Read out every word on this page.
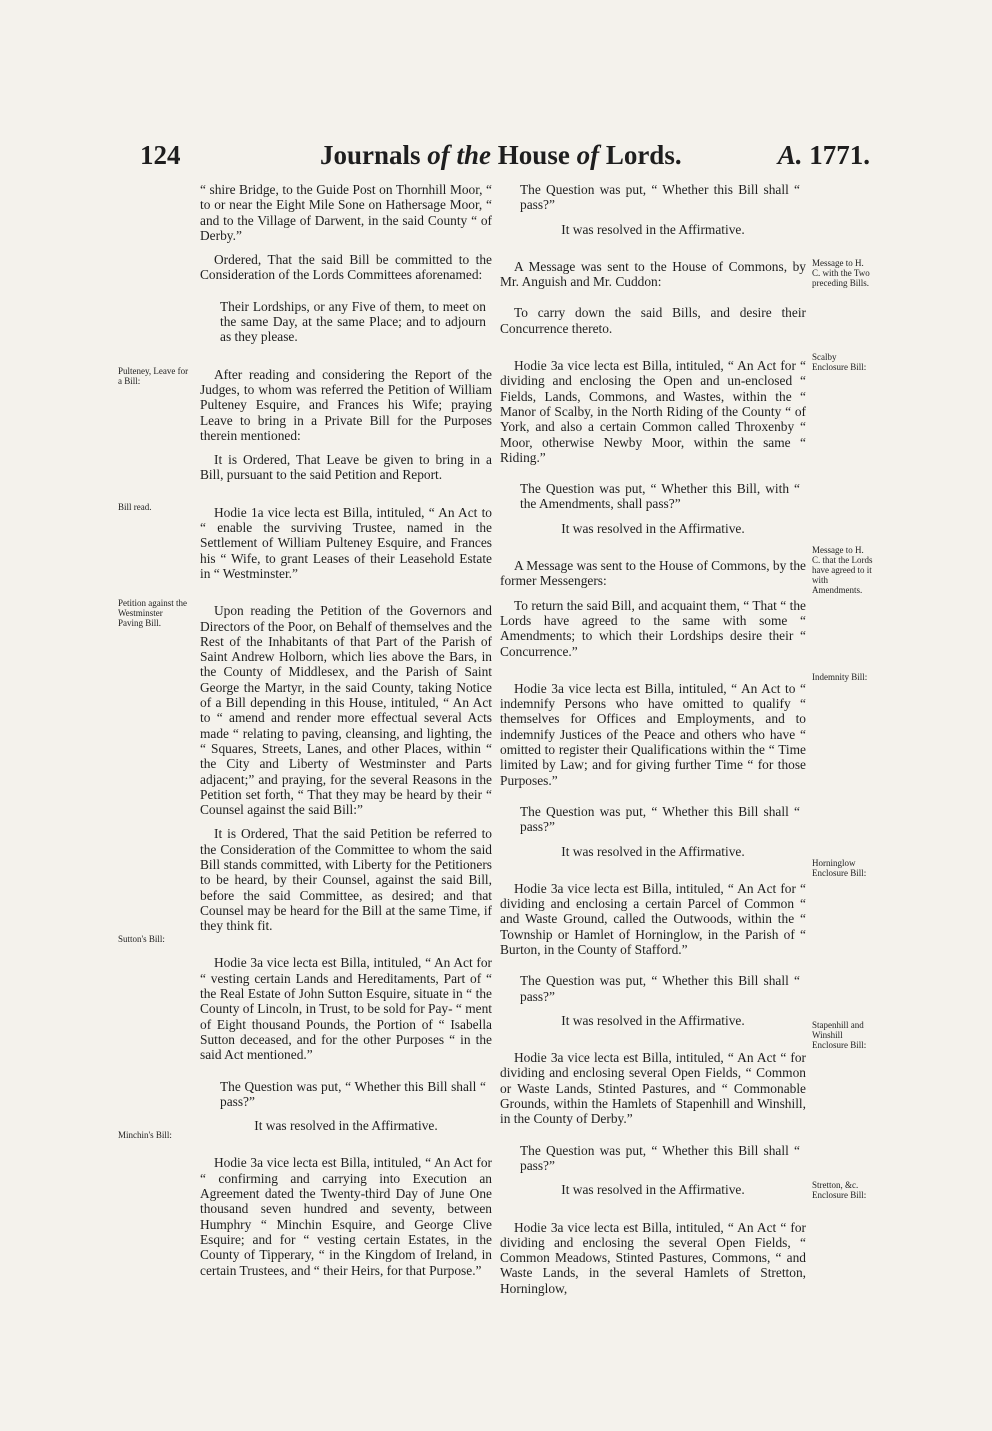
124	Journals of the House of Lords.	A. 1771.
Pulteney, Leave for a Bill:
Bill read.
Petition against the Westminster Paving Bill.
Sutton's Bill:
Minchin's Bill:
Message to H. C. with the Two preceding Bills.
Scalby Enclosure Bill:
Message to H. C. that the Lords have agreed to it with Amendments.
Indemnity Bill:
Horninglow Enclosure Bill:
Stapenhill and Winshill Enclosure Bill:
Stretton, &c. Enclosure Bill:

“ shire Bridge, to the Guide Post on Thornhill Moor, “ to or near the Eight Mile Sone on Hathersage Moor, “ and to the Village of Darwent, in the said County “ of Derby.”

Ordered, That the said Bill be committed to the Consideration of the Lords Committees aforenamed:

Their Lordships, or any Five of them, to meet on the same Day, at the same Place; and to adjourn as they please.

After reading and considering the Report of the Judges, to whom was referred the Petition of William Pulteney Esquire, and Frances his Wife; praying Leave to bring in a Private Bill for the Purposes therein mentioned:

It is Ordered, That Leave be given to bring in a Bill, pursuant to the said Petition and Report.

Hodie 1a vice lecta est Billa, intituled, “ An Act to “ enable the surviving Trustee, named in the Settlement of William Pulteney Esquire, and Frances his “ Wife, to grant Leases of their Leasehold Estate in “ Westminster.”

Upon reading the Petition of the Governors and Directors of the Poor, on Behalf of themselves and the Rest of the Inhabitants of that Part of the Parish of Saint Andrew Holborn, which lies above the Bars, in the County of Middlesex, and the Parish of Saint George the Martyr, in the said County, taking Notice of a Bill depending in this House, intituled, “ An Act to “ amend and render more effectual several Acts made “ relating to paving, cleansing, and lighting, the “ Squares, Streets, Lanes, and other Places, within “ the City and Liberty of Westminster and Parts adjacent;” and praying, for the several Reasons in the Petition set forth, “ That they may be heard by their “ Counsel against the said Bill:”

It is Ordered, That the said Petition be referred to the Consideration of the Committee to whom the said Bill stands committed, with Liberty for the Petitioners to be heard, by their Counsel, against the said Bill, before the said Committee, as desired; and that Counsel may be heard for the Bill at the same Time, if they think fit.

Hodie 3a vice lecta est Billa, intituled, “ An Act for “ vesting certain Lands and Hereditaments, Part of “ the Real Estate of John Sutton Esquire, situate in “ the County of Lincoln, in Trust, to be sold for Pay- “ ment of Eight thousand Pounds, the Portion of “ Isabella Sutton deceased, and for the other Purposes “ in the said Act mentioned.”

The Question was put, “ Whether this Bill shall “ pass?”

It was resolved in the Affirmative.

Hodie 3a vice lecta est Billa, intituled, “ An Act for “ confirming and carrying into Execution an Agreement dated the Twenty-third Day of June One thousand seven hundred and seventy, between Humphry “ Minchin Esquire, and George Clive Esquire; and for “ vesting certain Estates, in the County of Tipperary, “ in the Kingdom of Ireland, in certain Trustees, and “ their Heirs, for that Purpose.”

The Question was put, “ Whether this Bill shall “ pass?”

It was resolved in the Affirmative.

A Message was sent to the House of Commons, by Mr. Anguish and Mr. Cuddon:

To carry down the said Bills, and desire their Concurrence thereto.

Hodie 3a vice lecta est Billa, intituled, “ An Act for “ dividing and enclosing the Open and un-enclosed “ Fields, Lands, Commons, and Wastes, within the “ Manor of Scalby, in the North Riding of the County “ of York, and also a certain Common called Throxenby “ Moor, otherwise Newby Moor, within the same “ Riding.”

The Question was put, “ Whether this Bill, with “ the Amendments, shall pass?”

It was resolved in the Affirmative.

A Message was sent to the House of Commons, by the former Messengers:

To return the said Bill, and acquaint them, “ That “ the Lords have agreed to the same with some “ Amendments; to which their Lordships desire their “ Concurrence.”

Hodie 3a vice lecta est Billa, intituled, “ An Act to “ indemnify Persons who have omitted to qualify “ themselves for Offices and Employments, and to indemnify Justices of the Peace and others who have “ omitted to register their Qualifications within the “ Time limited by Law; and for giving further Time “ for those Purposes.”

The Question was put, “ Whether this Bill shall “ pass?”

It was resolved in the Affirmative.

Hodie 3a vice lecta est Billa, intituled, “ An Act for “ dividing and enclosing a certain Parcel of Common “ and Waste Ground, called the Outwoods, within the “ Township or Hamlet of Horninglow, in the Parish of “ Burton, in the County of Stafford.”

The Question was put, “ Whether this Bill shall “ pass?”

It was resolved in the Affirmative.

Hodie 3a vice lecta est Billa, intituled, “ An Act “ for dividing and enclosing several Open Fields, “ Common or Waste Lands, Stinted Pastures, and “ Commonable Grounds, within the Hamlets of Stapenhill and Winshill, in the County of Derby.”

The Question was put, “ Whether this Bill shall “ pass?”

It was resolved in the Affirmative.

Hodie 3a vice lecta est Billa, intituled, “ An Act “ for dividing and enclosing the several Open Fields, “ Common Meadows, Stinted Pastures, Commons, “ and Waste Lands, in the several Hamlets of Stretton, Horninglow,
